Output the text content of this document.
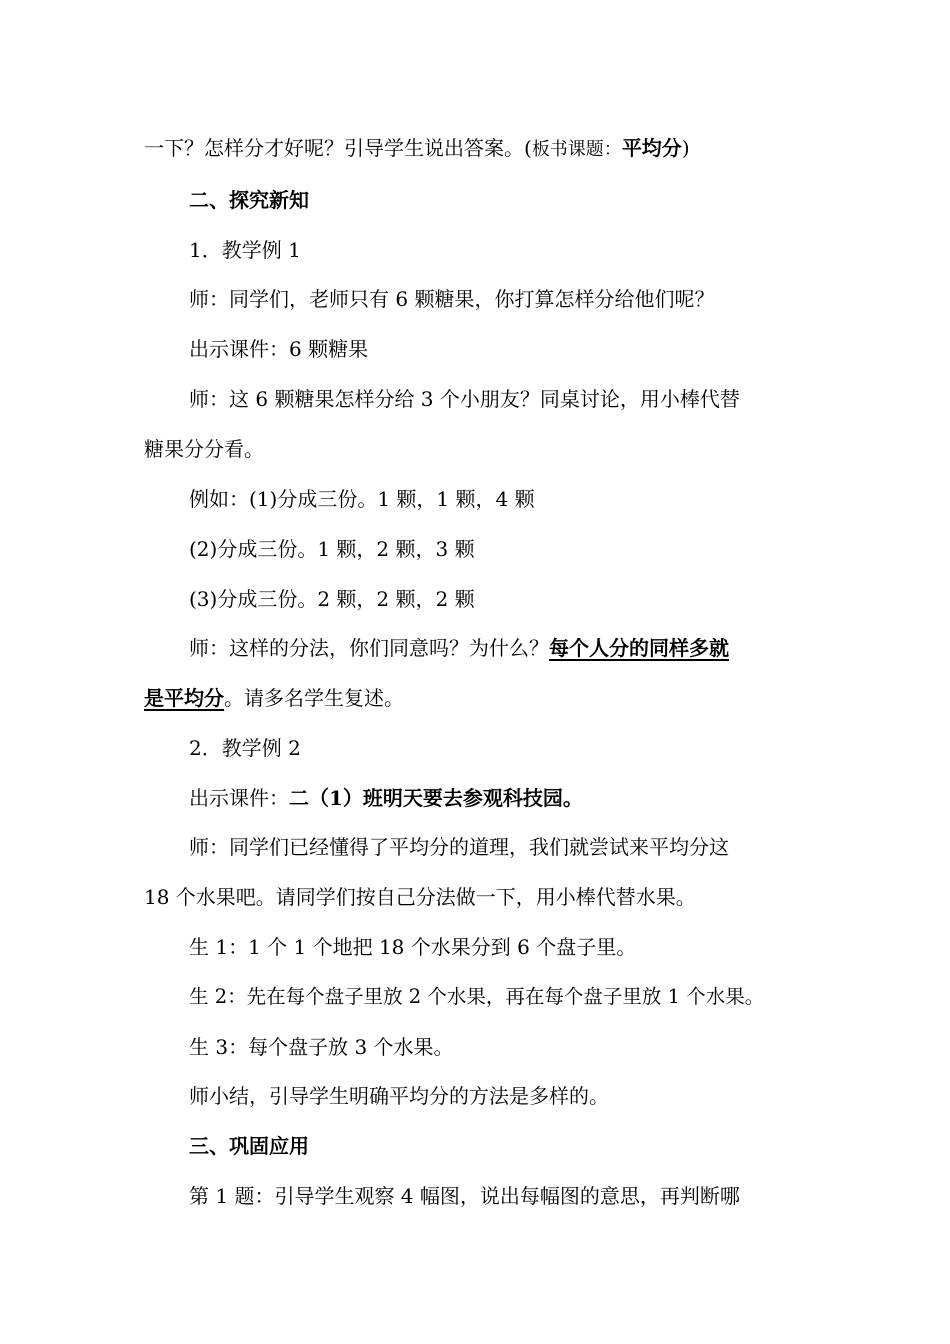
一下？怎样分才好呢？引导学生说出答案。(板书课题：平均分)
二、探究新知
1．教学例 1
师：同学们，老师只有 6 颗糖果，你打算怎样分给他们呢？
出示课件：6 颗糖果
师：这 6 颗糖果怎样分给 3 个小朋友？同桌讨论，用小棒代替
糖果分分看。
例如：(1)分成三份。1 颗，1 颗，4 颗
(2)分成三份。1 颗，2 颗，3 颗
(3)分成三份。2 颗，2 颗，2 颗
师：这样的分法，你们同意吗？为什么？每个人分的同样多就
是平均分。请多名学生复述。
2．教学例 2
出示课件：二（1）班明天要去参观科技园。
师：同学们已经懂得了平均分的道理，我们就尝试来平均分这
18 个水果吧。请同学们按自己分法做一下，用小棒代替水果。
生 1：1 个 1 个地把 18 个水果分到 6 个盘子里。
生 2：先在每个盘子里放 2 个水果，再在每个盘子里放 1 个水果。
生 3：每个盘子放 3 个水果。
师小结，引导学生明确平均分的方法是多样的。
三、巩固应用
第 1 题：引导学生观察 4 幅图，说出每幅图的意思，再判断哪
